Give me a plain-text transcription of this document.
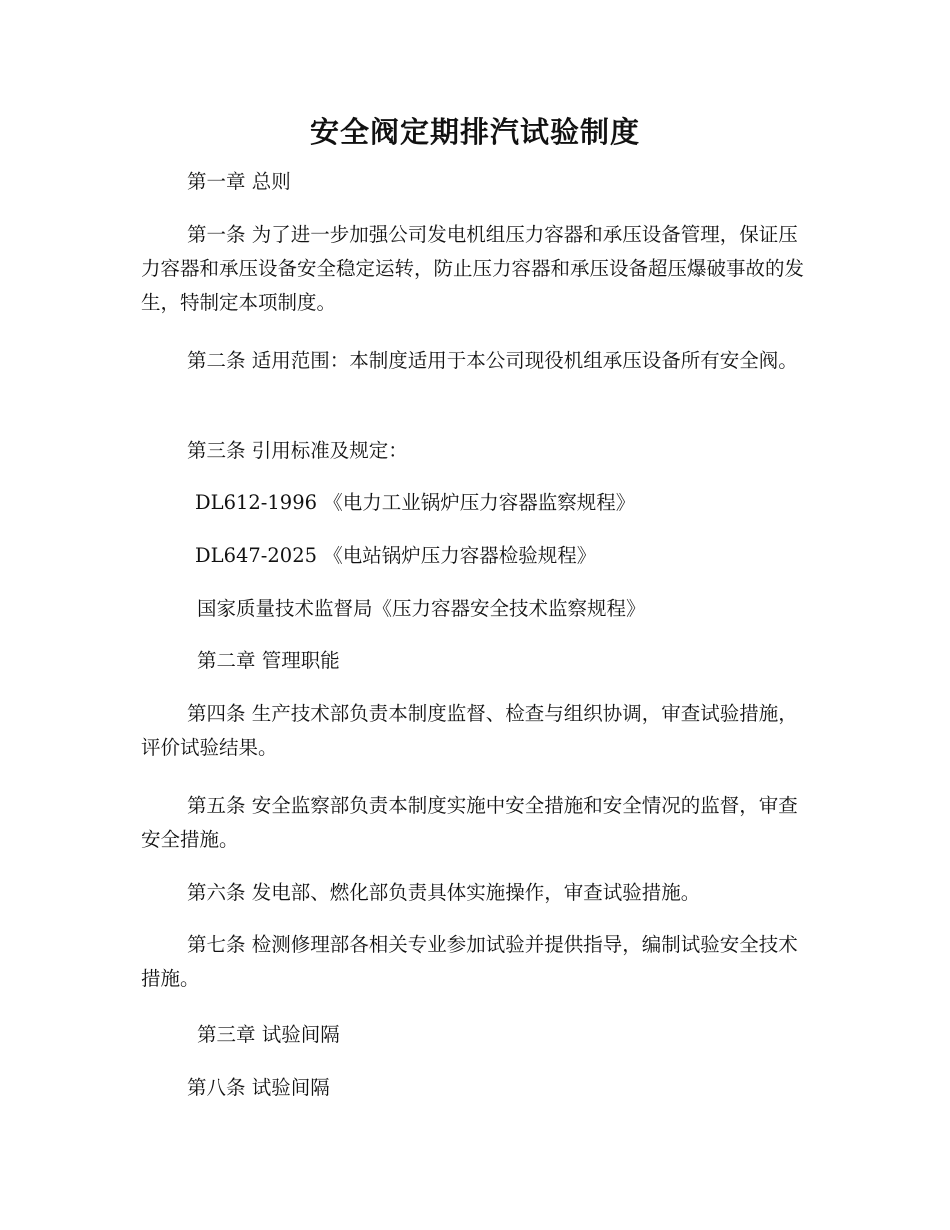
安全阀定期排汽试验制度

第一章 总则

第一条 为了进一步加强公司发电机组压力容器和承压设备管理，保证压力容器和承压设备安全稳定运转，防止压力容器和承压设备超压爆破事故的发生，特制定本项制度。

第二条 适用范围：本制度适用于本公司现役机组承压设备所有安全阀。

第三条 引用标准及规定：

DL612-1996 《电力工业锅炉压力容器监察规程》

DL647-2025 《电站锅炉压力容器检验规程》

国家质量技术监督局《压力容器安全技术监察规程》

第二章 管理职能

第四条 生产技术部负责本制度监督、检查与组织协调，审查试验措施，评价试验结果。

第五条 安全监察部负责本制度实施中安全措施和安全情况的监督，审查安全措施。

第六条 发电部、燃化部负责具体实施操作，审查试验措施。

第七条 检测修理部各相关专业参加试验并提供指导，编制试验安全技术措施。

第三章 试验间隔

第八条 试验间隔
